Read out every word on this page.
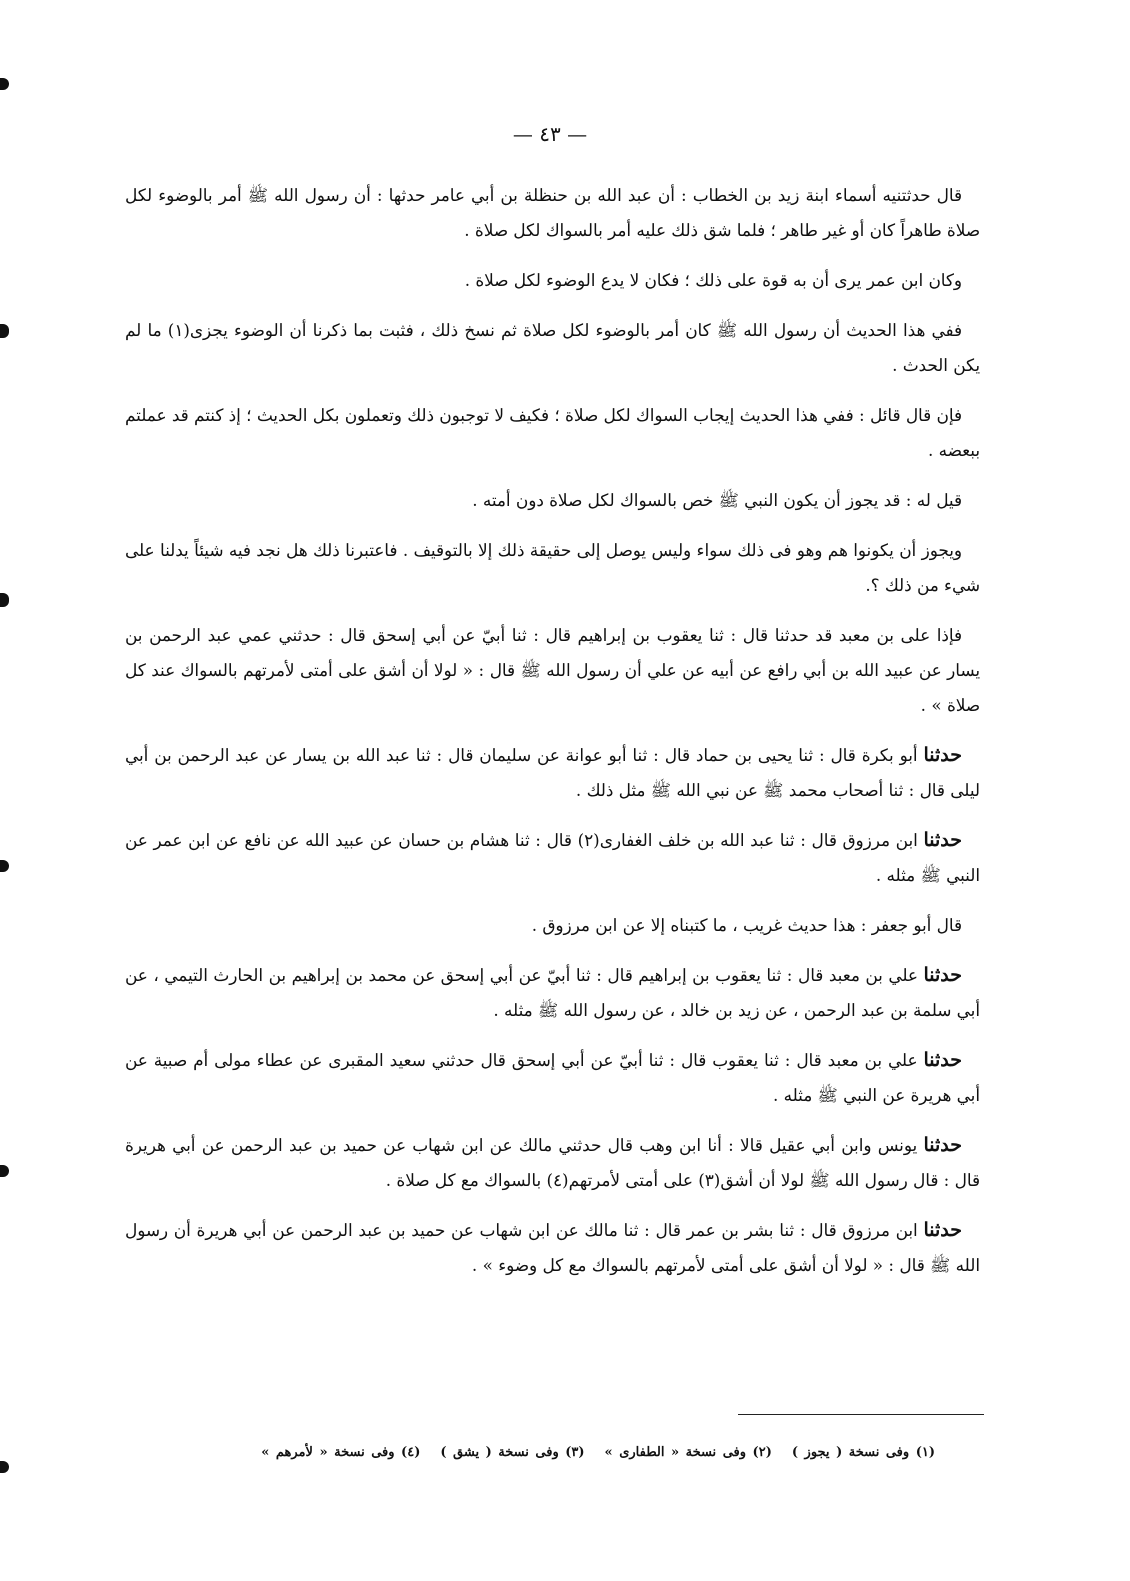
— ٤٣ —

قال حدثتنيه أسماء ابنة زيد بن الخطاب : أن عبد الله بن حنظلة بن أبي عامر حدثها : أن رسول الله ﷺ أمر بالوضوء لكل صلاة طاهراً كان أو غير طاهر ؛ فلما شق ذلك عليه أمر بالسواك لكل صلاة .

وكان ابن عمر يرى أن به قوة على ذلك ؛ فكان لا يدع الوضوء لكل صلاة .

ففي هذا الحديث أن رسول الله ﷺ كان أمر بالوضوء لكل صلاة ثم نسخ ذلك ، فثبت بما ذكرنا أن الوضوء يجزى(١) ما لم يكن الحدث .

فإن قال قائل : ففي هذا الحديث إيجاب السواك لكل صلاة ؛ فكيف لا توجبون ذلك وتعملون بكل الحديث ؛ إذ كنتم قد عملتم ببعضه .

قيل له : قد يجوز أن يكون النبي ﷺ خص بالسواك لكل صلاة دون أمته .

ويجوز أن يكونوا هم وهو فى ذلك سواء وليس يوصل إلى حقيقة ذلك إلا بالتوقيف . فاعتبرنا ذلك هل نجد فيه شيئاً يدلنا على شيء من ذلك ؟.

فإذا على بن معبد قد حدثنا قال : ثنا يعقوب بن إبراهيم قال : ثنا أبيّ عن أبي إسحق قال : حدثني عمي عبد الرحمن بن يسار عن عبيد الله بن أبي رافع عن أبيه عن علي أن رسول الله ﷺ قال : « لولا أن أشق على أمتى لأمرتهم بالسواك عند كل صلاة » .

حدثنا أبو بكرة قال : ثنا يحيى بن حماد قال : ثنا أبو عوانة عن سليمان قال : ثنا عبد الله بن يسار عن عبد الرحمن بن أبي ليلى قال : ثنا أصحاب محمد ﷺ عن نبي الله ﷺ مثل ذلك .

حدثنا ابن مرزوق قال : ثنا عبد الله بن خلف الغفارى(٢) قال : ثنا هشام بن حسان عن عبيد الله عن نافع عن ابن عمر عن النبي ﷺ مثله .

قال أبو جعفر : هذا حديث غريب ، ما كتبناه إلا عن ابن مرزوق .

حدثنا علي بن معبد قال : ثنا يعقوب بن إبراهيم قال : ثنا أبيّ عن أبي إسحق عن محمد بن إبراهيم بن الحارث التيمي ، عن أبي سلمة بن عبد الرحمن ، عن زيد بن خالد ، عن رسول الله ﷺ مثله .

حدثنا علي بن معبد قال : ثنا يعقوب قال : ثنا أبيّ عن أبي إسحق قال حدثني سعيد المقبرى عن عطاء مولى أم صبية عن أبي هريرة عن النبي ﷺ مثله .

حدثنا يونس وابن أبي عقيل قالا : أنا ابن وهب قال حدثني مالك عن ابن شهاب عن حميد بن عبد الرحمن عن أبي هريرة قال : قال رسول الله ﷺ لولا أن أشق(٣) على أمتى لأمرتهم(٤) بالسواك مع كل صلاة .

حدثنا ابن مرزوق قال : ثنا بشر بن عمر قال : ثنا مالك عن ابن شهاب عن حميد بن عبد الرحمن عن أبي هريرة أن رسول الله ﷺ قال : « لولا أن أشق على أمتى لأمرتهم بالسواك مع كل وضوء » .

(١) وفى نسخة ( يجوز )(٢) وفى نسخة « الطفارى »(٣) وفى نسخة ( يشق )(٤) وفى نسخة « لأمرهم »
